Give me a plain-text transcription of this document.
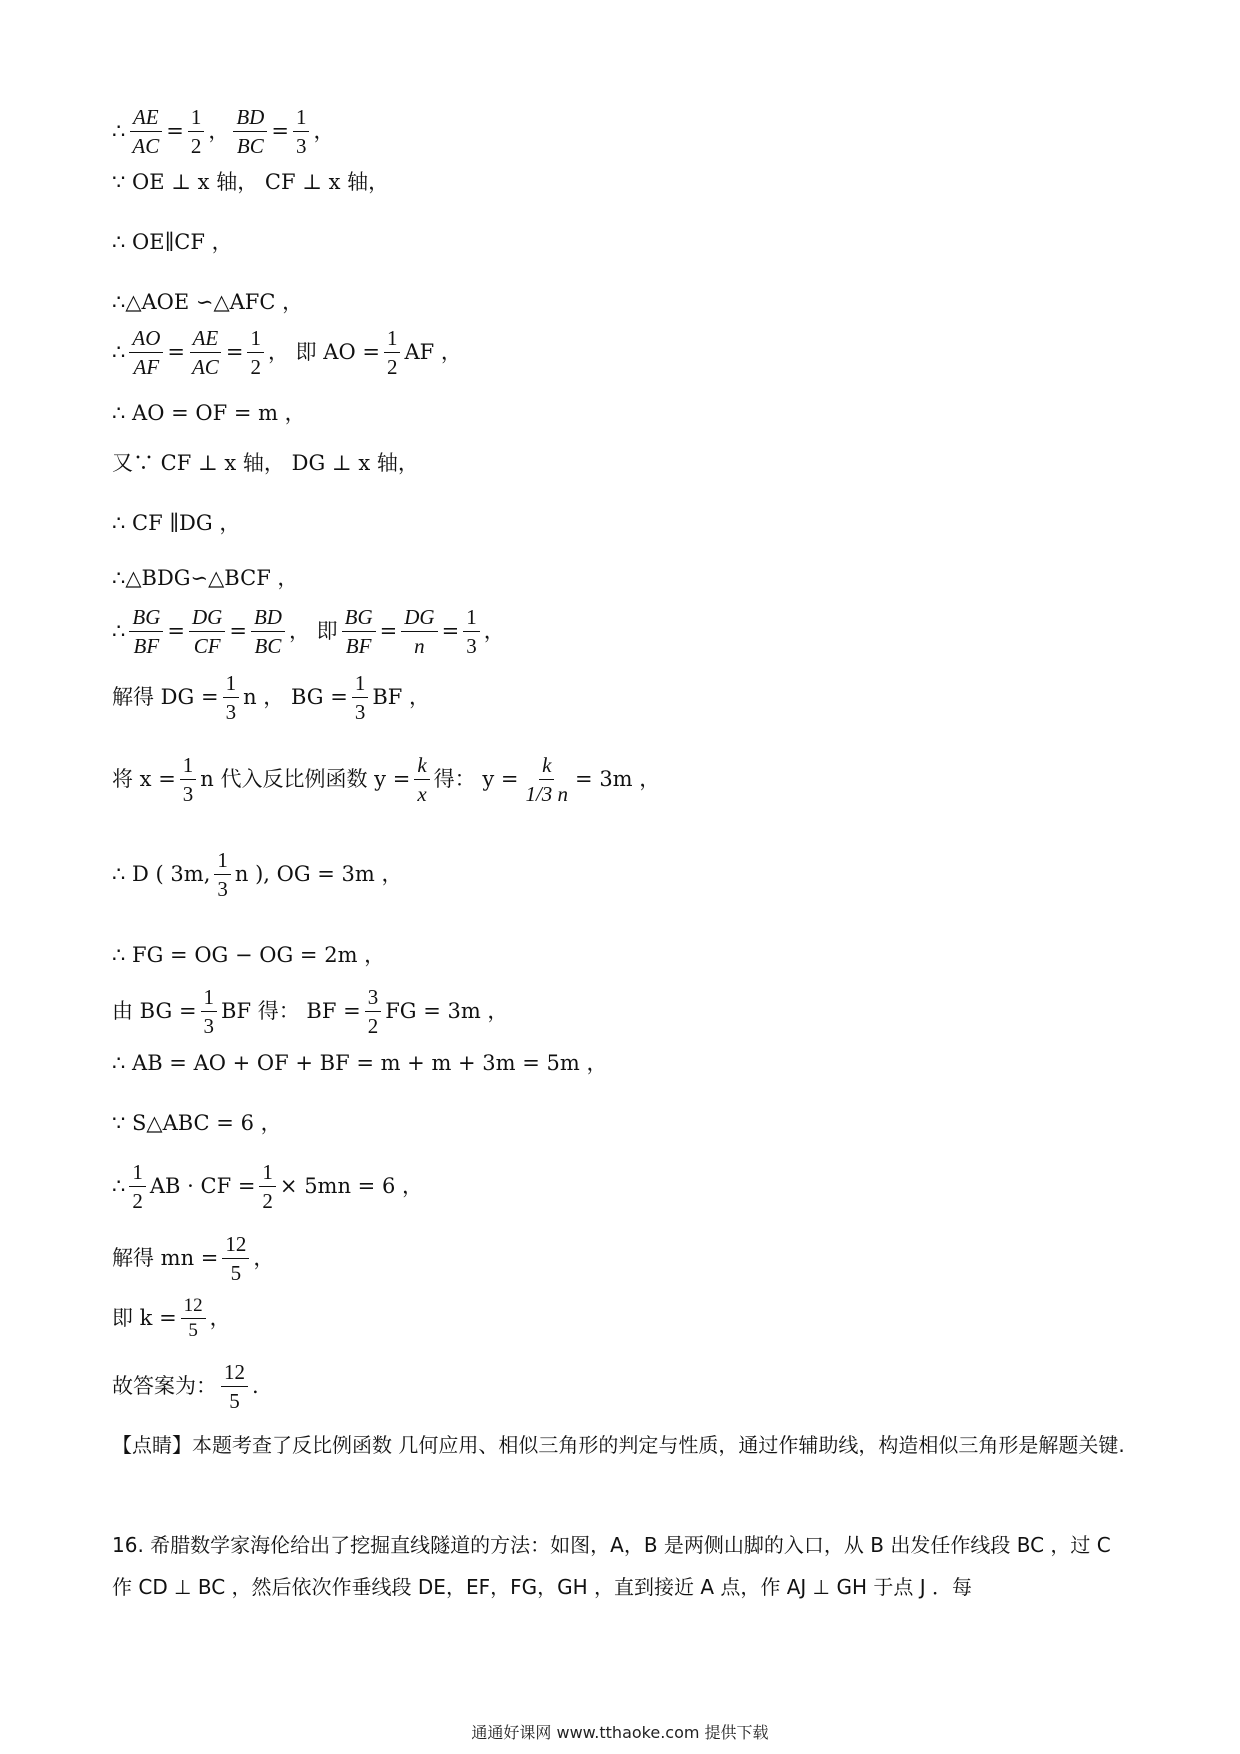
∴ $\frac{AE}{AC} = \frac{1}{2}$ ， $\frac{BD}{BC} = \frac{1}{3}$ ，
∵ OE ⊥ x 轴， CF ⊥ x 轴，
∴ OE∥CF ，
∴△AOE ∽△AFC ，
∴ $\frac{AO}{AF} = \frac{AE}{AC} = \frac{1}{2}$ ， 即 AO = $\frac{1}{2}$ AF ，
∴ AO = OF = m ，
又∵ CF ⊥ x 轴， DG ⊥ x 轴，
∴ CF ∥DG ，
∴△BDG∽△BCF ，
∴ $\frac{BG}{BF} = \frac{DG}{CF} = \frac{BD}{BC}$ ， 即 $\frac{BG}{BF} = \frac{DG}{n} = \frac{1}{3}$ ，
解得 DG = $\frac{1}{3}$ n ， BG = $\frac{1}{3}$ BF ，
将 $x = \frac{1}{3}$ n 代入反比例函数 $y = \frac{k}{x}$ 得： $y = \frac{k}{1/3 n} = 3m$ ，
∴ D ( 3m, $\frac{1}{3}$ n ), OG = 3m ，
∴ FG = OG − OG = 2m ，
由 BG = $\frac{1}{3}$ BF 得： BF = $\frac{3}{2}$ FG = 3m ，
∴ AB = AO + OF + BF = m + m + 3m = 5m ，
∵ S△ABC = 6 ，
∴ $\frac{1}{2}$ AB · CF = $\frac{1}{2} \times 5mn = 6$ ，
解得 mn = $\frac{12}{5}$ ，
即 $k = \frac{12}{5}$ ，
故答案为： $\frac{12}{5}$ .
【点睛】本题考查了反比例函数 几何应用、相似三角形的判定与性质，通过作辅助线，构造相似三角形是解题关键.
16. 希腊数学家海伦给出了挖掘直线隧道的方法：如图，A，B 是两侧山脚的入口，从 B 出发任作线段 BC ，过 C 作 CD ⊥ BC ，然后依次作垂线段 DE，EF，FG，GH ，直到接近 A 点，作 AJ ⊥ GH 于点 J ．每
通通好课网 www.tthaoke.com 提供下载
